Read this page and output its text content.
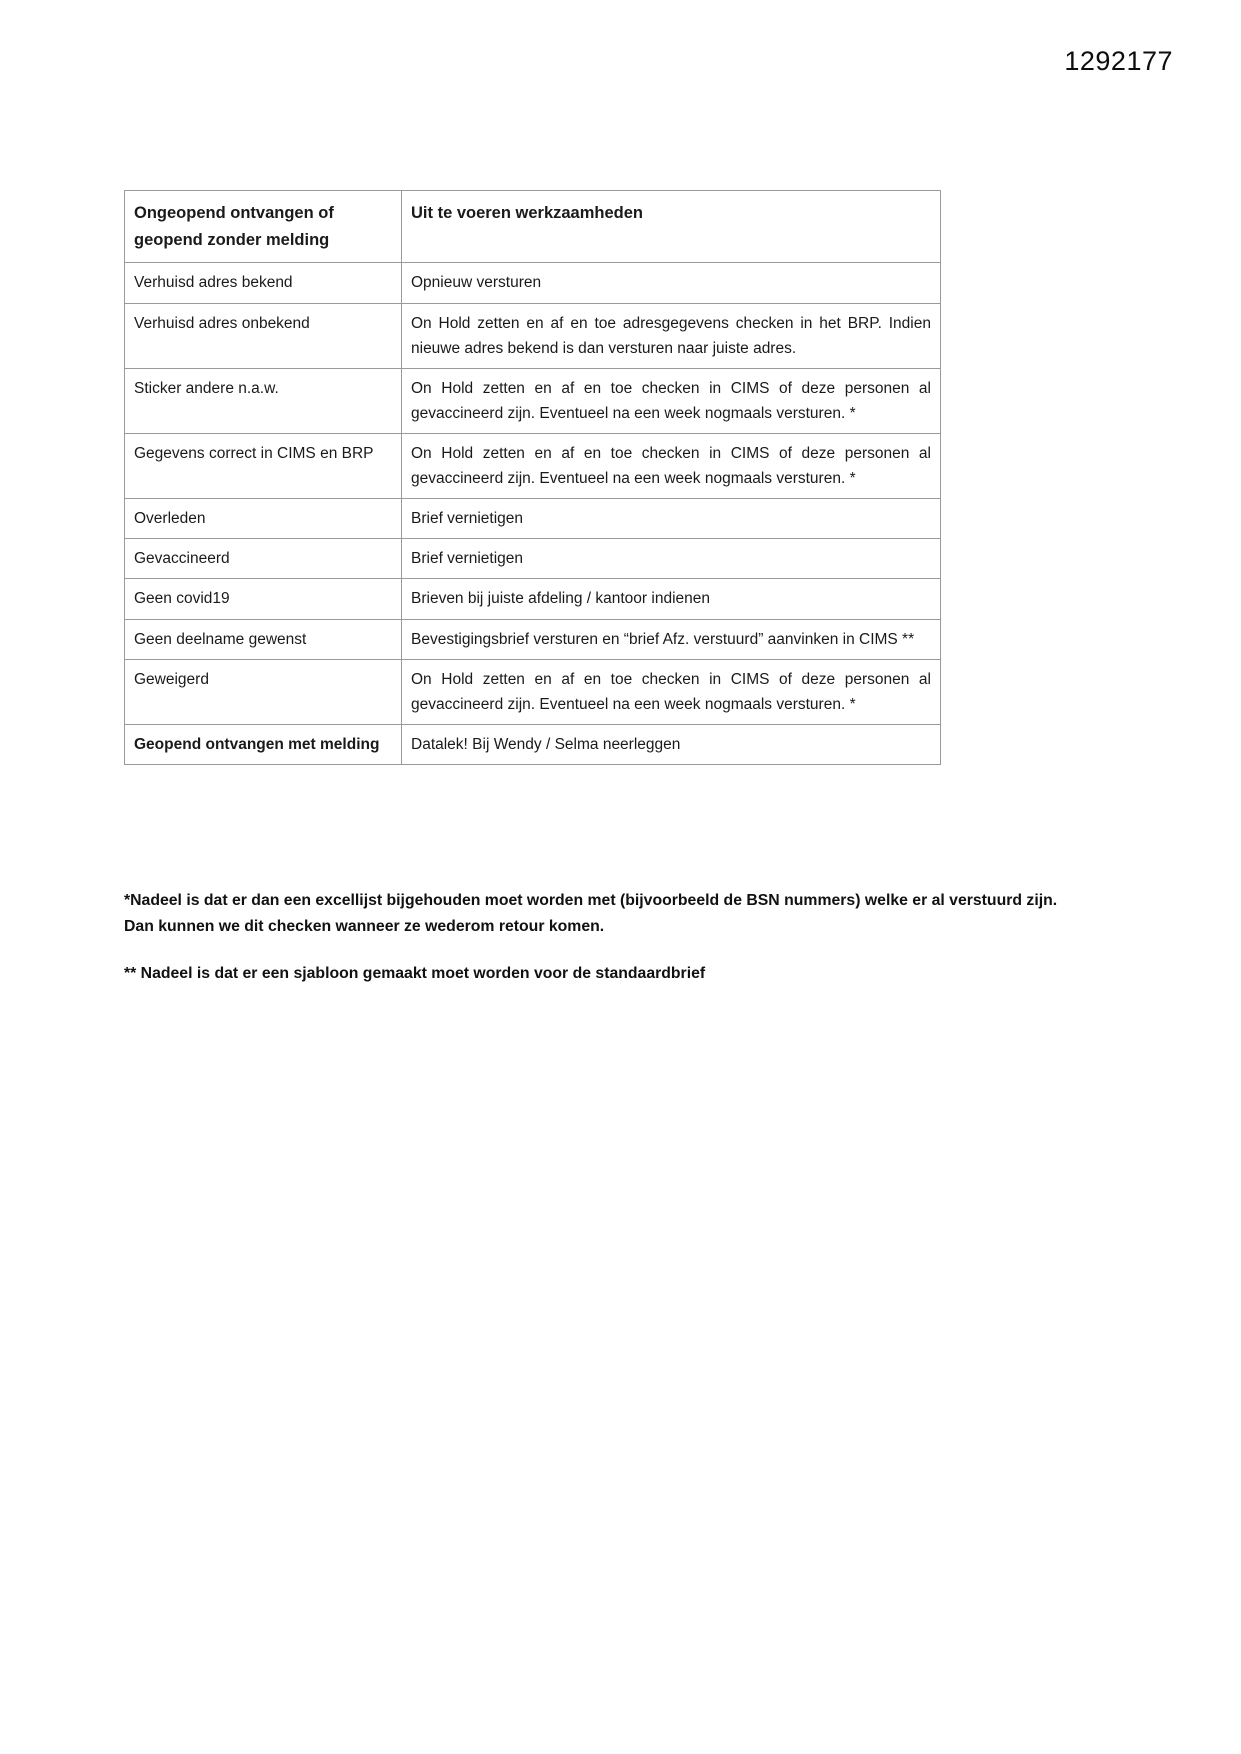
1292177
Ongeopend ontvangen of geopend zonder melding	Uit te voeren werkzaamheden
Verhuisd adres bekend	Opnieuw versturen
Verhuisd adres onbekend	On Hold zetten en af en toe adresgegevens checken in het BRP. Indien nieuwe adres bekend is dan versturen naar juiste adres.
Sticker andere n.a.w.	On Hold zetten en af en toe checken in CIMS of deze personen al gevaccineerd zijn. Eventueel na een week nogmaals versturen. *
Gegevens correct in CIMS en BRP	On Hold zetten en af en toe checken in CIMS of deze personen al gevaccineerd zijn. Eventueel na een week nogmaals versturen. *
Overleden	Brief vernietigen
Gevaccineerd	Brief vernietigen
Geen covid19	Brieven bij juiste afdeling / kantoor indienen
Geen deelname gewenst	Bevestigingsbrief versturen en “brief Afz. verstuurd” aanvinken in CIMS **
Geweigerd	On Hold zetten en af en toe checken in CIMS of deze personen al gevaccineerd zijn. Eventueel na een week nogmaals versturen. *
Geopend ontvangen met melding	Datalek! Bij Wendy / Selma neerleggen

*Nadeel is dat er dan een excellijst bijgehouden moet worden met (bijvoorbeeld de BSN nummers) welke er al verstuurd zijn. Dan kunnen we dit checken wanneer ze wederom retour komen.

** Nadeel is dat er een sjabloon gemaakt moet worden voor de standaardbrief
